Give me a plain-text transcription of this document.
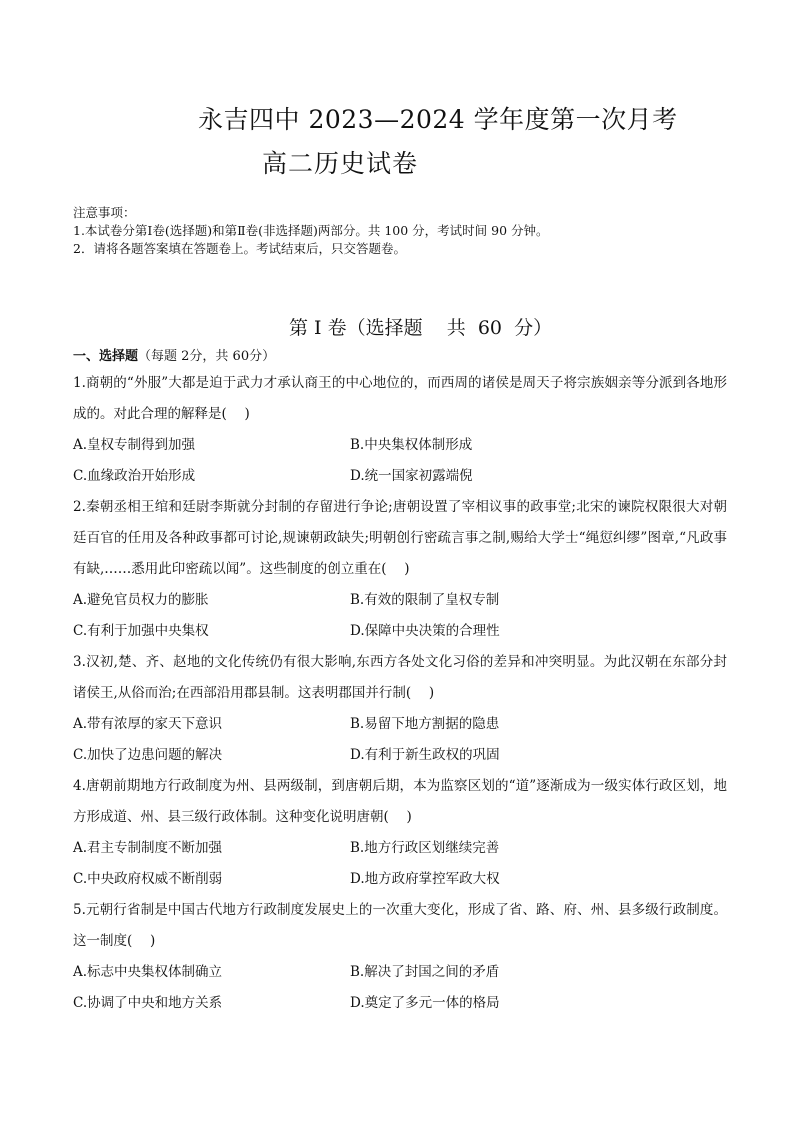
永吉四中 2023—2024 学年度第一次月考
高二历史试卷
注意事项：
1.本试卷分第Ⅰ卷(选择题)和第Ⅱ卷(非选择题)两部分。共 100 分，考试时间 90 分钟。
2．请将各题答案填在答题卷上。考试结束后，只交答题卷。
第 I 卷（选择题    共  60  分）
一、选择题（每题 2分，共 60分）
1.商朝的“外服”大都是迫于武力才承认商王的中心地位的，而西周的诸侯是周天子将宗族姻亲等分派到各地形成的。对此合理的解释是(　 )
A.皇权专制得到加强	B.中央集权体制形成
C.血缘政治开始形成	D.统一国家初露端倪
2.秦朝丞相王绾和廷尉李斯就分封制的存留进行争论;唐朝设置了宰相议事的政事堂;北宋的谏院权限很大对朝廷百官的任用及各种政事都可讨论,规谏朝政缺失;明朝创行密疏言事之制,赐给大学士“绳愆纠缪”图章,“凡政事有缺,……悉用此印密疏以闻”。这些制度的创立重在(　 )
A.避免官员权力的膨胀	B.有效的限制了皇权专制
C.有利于加强中央集权	D.保障中央决策的合理性
3.汉初,楚、齐、赵地的文化传统仍有很大影响,东西方各处文化习俗的差异和冲突明显。为此汉朝在东部分封诸侯王,从俗而治;在西部沿用郡县制。这表明郡国并行制(　 )
A.带有浓厚的家天下意识	B.易留下地方割据的隐患
C.加快了边患问题的解决	D.有利于新生政权的巩固
4.唐朝前期地方行政制度为州、县两级制，到唐朝后期，本为监察区划的“道”逐渐成为一级实体行政区划，地方形成道、州、县三级行政体制。这种变化说明唐朝(　 )
A.君主专制制度不断加强	B.地方行政区划继续完善
C.中央政府权威不断削弱	D.地方政府掌控军政大权
5.元朝行省制是中国古代地方行政制度发展史上的一次重大变化，形成了省、路、府、州、县多级行政制度。这一制度(　 )
A.标志中央集权体制确立	B.解决了封国之间的矛盾
C.协调了中央和地方关系	D.奠定了多元一体的格局
